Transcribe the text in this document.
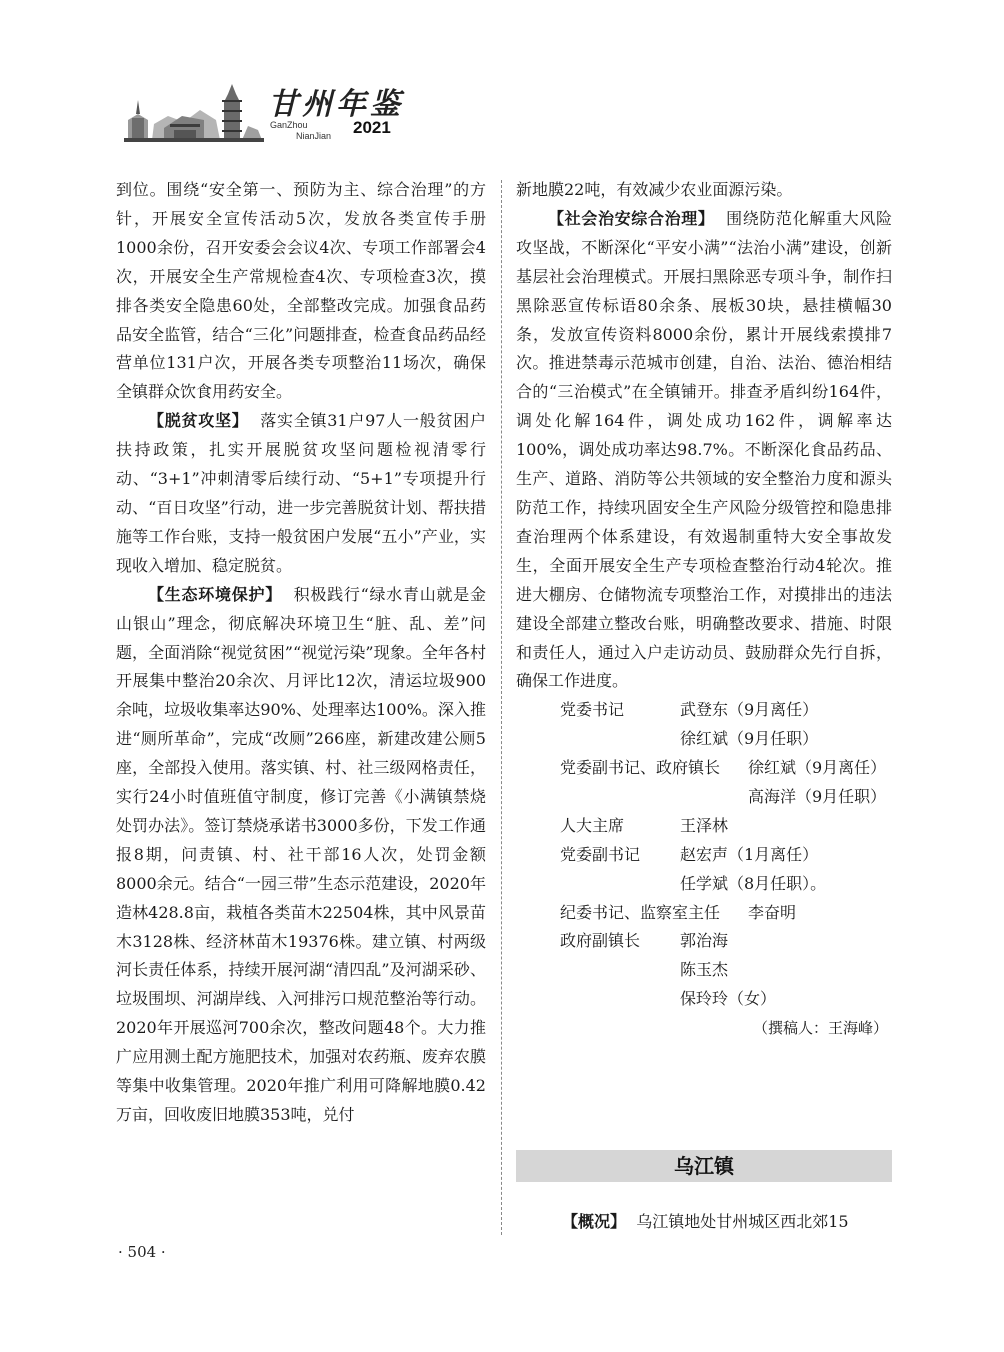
甘州年鉴
GanZhou
NianJian 2021

到位。围绕“安全第一、预防为主、综合治理”的方针，开展安全宣传活动5次，发放各类宣传手册1000余份，召开安委会会议4次、专项工作部署会4次，开展安全生产常规检查4次、专项检查3次，摸排各类安全隐患60处，全部整改完成。加强食品药品安全监管，结合“三化”问题排查，检查食品药品经营单位131户次，开展各类专项整治11场次，确保全镇群众饮食用药安全。

【脱贫攻坚】 落实全镇31户97人一般贫困户扶持政策，扎实开展脱贫攻坚问题检视清零行动、“3+1”冲刺清零后续行动、“5+1”专项提升行动、“百日攻坚”行动，进一步完善脱贫计划、帮扶措施等工作台账，支持一般贫困户发展“五小”产业，实现收入增加、稳定脱贫。

【生态环境保护】 积极践行“绿水青山就是金山银山”理念，彻底解决环境卫生“脏、乱、差”问题，全面消除“视觉贫困”“视觉污染”现象。全年各村开展集中整治20余次、月评比12次，清运垃圾900余吨，垃圾收集率达90%、处理率达100%。深入推进“厕所革命”，完成“改厕”266座，新建改建公厕5座，全部投入使用。落实镇、村、社三级网格责任，实行24小时值班值守制度，修订完善《小满镇禁烧处罚办法》。签订禁烧承诺书3000多份，下发工作通报8期，问责镇、村、社干部16人次，处罚金额8000余元。结合“一园三带”生态示范建设，2020年造林428.8亩，栽植各类苗木22504株，其中风景苗木3128株、经济林苗木19376株。建立镇、村两级河长责任体系，持续开展河湖“清四乱”及河湖采砂、垃圾围坝、河湖岸线、入河排污口规范整治等行动。2020年开展巡河700余次，整改问题48个。大力推广应用测土配方施肥技术，加强对农药瓶、废弃农膜等集中收集管理。2020年推广利用可降解地膜0.42万亩，回收废旧地膜353吨，兑付

新地膜22吨，有效减少农业面源污染。

【社会治安综合治理】 围绕防范化解重大风险攻坚战，不断深化“平安小满”“法治小满”建设，创新基层社会治理模式。开展扫黑除恶专项斗争，制作扫黑除恶宣传标语80余条、展板30块，悬挂横幅30条，发放宣传资料8000余份，累计开展线索摸排7次。推进禁毒示范城市创建，自治、法治、德治相结合的“三治模式”在全镇铺开。排查矛盾纠纷164件，调处化解164件，调处成功162件，调解率达100%，调处成功率达98.7%。不断深化食品药品、生产、道路、消防等公共领域的安全整治力度和源头防范工作，持续巩固安全生产风险分级管控和隐患排查治理两个体系建设，有效遏制重特大安全事故发生，全面开展安全生产专项检查整治行动4轮次。推进大棚房、仓储物流专项整治工作，对摸排出的违法建设全部建立整改台账，明确整改要求、措施、时限和责任人，通过入户走访动员、鼓励群众先行自拆，确保工作进度。

党委书记	武登东（9月离任）
徐红斌（9月任职）
党委副书记、政府镇长 徐红斌（9月离任）
高海洋（9月任职）
人大主席	王泽林
党委副书记 赵宏声（1月离任）
任学斌（8月任职）。
纪委书记、监察室主任 李奋明
政府副镇长 郭治海
陈玉杰
保玲玲（女）
（撰稿人：王海峰）
乌江镇
【概况】 乌江镇地处甘州城区西北郊15
· 504 ·
